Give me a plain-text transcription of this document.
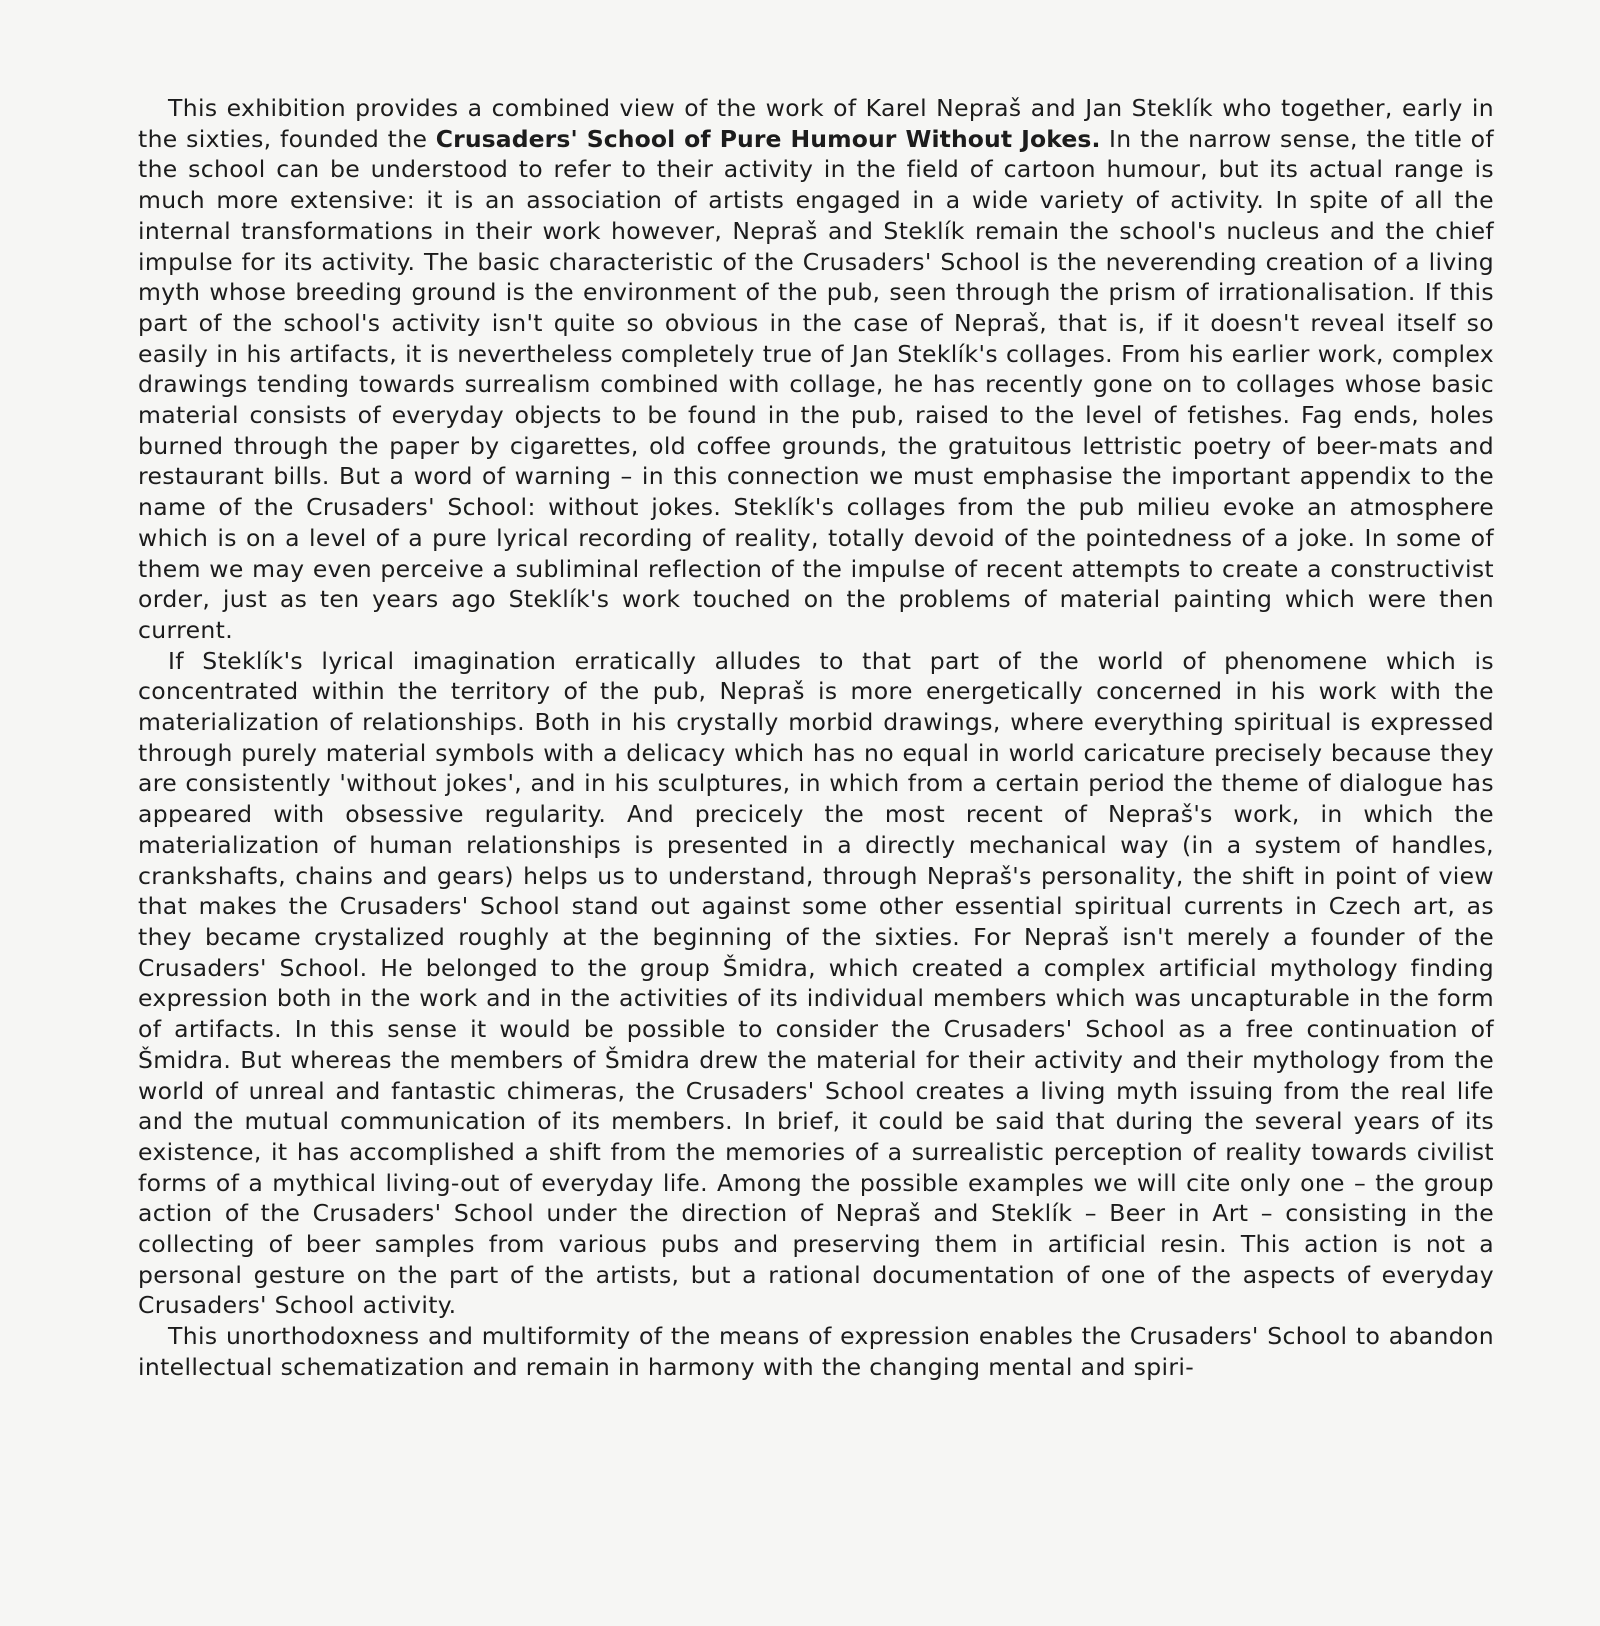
This exhibition provides a combined view of the work of Karel Nepraš and Jan Steklík who together, early in the sixties, founded the Crusaders' School of Pure Humour Without Jokes. In the narrow sense, the title of the school can be understood to refer to their activity in the field of cartoon humour, but its actual range is much more extensive: it is an association of artists engaged in a wide variety of activity. In spite of all the internal transformations in their work however, Nepraš and Steklík remain the school's nucleus and the chief impulse for its activity. The basic characteristic of the Crusaders' School is the neverending creation of a living myth whose breeding ground is the environment of the pub, seen through the prism of irrationalisation. If this part of the school's activity isn't quite so obvious in the case of Nepraš, that is, if it doesn't reveal itself so easily in his artifacts, it is nevertheless completely true of Jan Steklík's collages. From his earlier work, complex drawings tending towards surrealism combined with collage, he has recently gone on to collages whose basic material consists of everyday objects to be found in the pub, raised to the level of fetishes. Fag ends, holes burned through the paper by cigarettes, old coffee grounds, the gratuitous lettristic poetry of beer-mats and restaurant bills. But a word of warning – in this connection we must emphasise the important appendix to the name of the Crusaders' School: without jokes. Steklík's collages from the pub milieu evoke an atmosphere which is on a level of a pure lyrical recording of reality, totally devoid of the pointedness of a joke. In some of them we may even perceive a subliminal reflection of the impulse of recent attempts to create a constructivist order, just as ten years ago Steklík's work touched on the problems of material painting which were then current.

If Steklík's lyrical imagination erratically alludes to that part of the world of phenomene which is concentrated within the territory of the pub, Nepraš is more energetically concerned in his work with the materialization of relationships. Both in his crystally morbid drawings, where everything spiritual is expressed through purely material symbols with a delicacy which has no equal in world caricature precisely because they are consistently 'without jokes', and in his sculptures, in which from a certain period the theme of dialogue has appeared with obsessive regularity. And precicely the most recent of Nepraš's work, in which the materialization of human relationships is presented in a directly mechanical way (in a system of handles, crankshafts, chains and gears) helps us to understand, through Nepraš's personality, the shift in point of view that makes the Crusaders' School stand out against some other essential spiritual currents in Czech art, as they became crystalized roughly at the beginning of the sixties. For Nepraš isn't merely a founder of the Crusaders' School. He belonged to the group Šmidra, which created a complex artificial mythology finding expression both in the work and in the activities of its individual members which was uncapturable in the form of artifacts. In this sense it would be possible to consider the Crusaders' School as a free continuation of Šmidra. But whereas the members of Šmidra drew the material for their activity and their mythology from the world of unreal and fantastic chimeras, the Crusaders' School creates a living myth issuing from the real life and the mutual communication of its members. In brief, it could be said that during the several years of its existence, it has accomplished a shift from the memories of a surrealistic perception of reality towards civilist forms of a mythical living-out of everyday life. Among the possible examples we will cite only one – the group action of the Crusaders' School under the direction of Nepraš and Steklík – Beer in Art – consisting in the collecting of beer samples from various pubs and preserving them in artificial resin. This action is not a personal gesture on the part of the artists, but a rational documentation of one of the aspects of everyday Crusaders' School activity.

This unorthodoxness and multiformity of the means of expression enables the Crusaders' School to abandon intellectual schematization and remain in harmony with the changing mental and spiri-
